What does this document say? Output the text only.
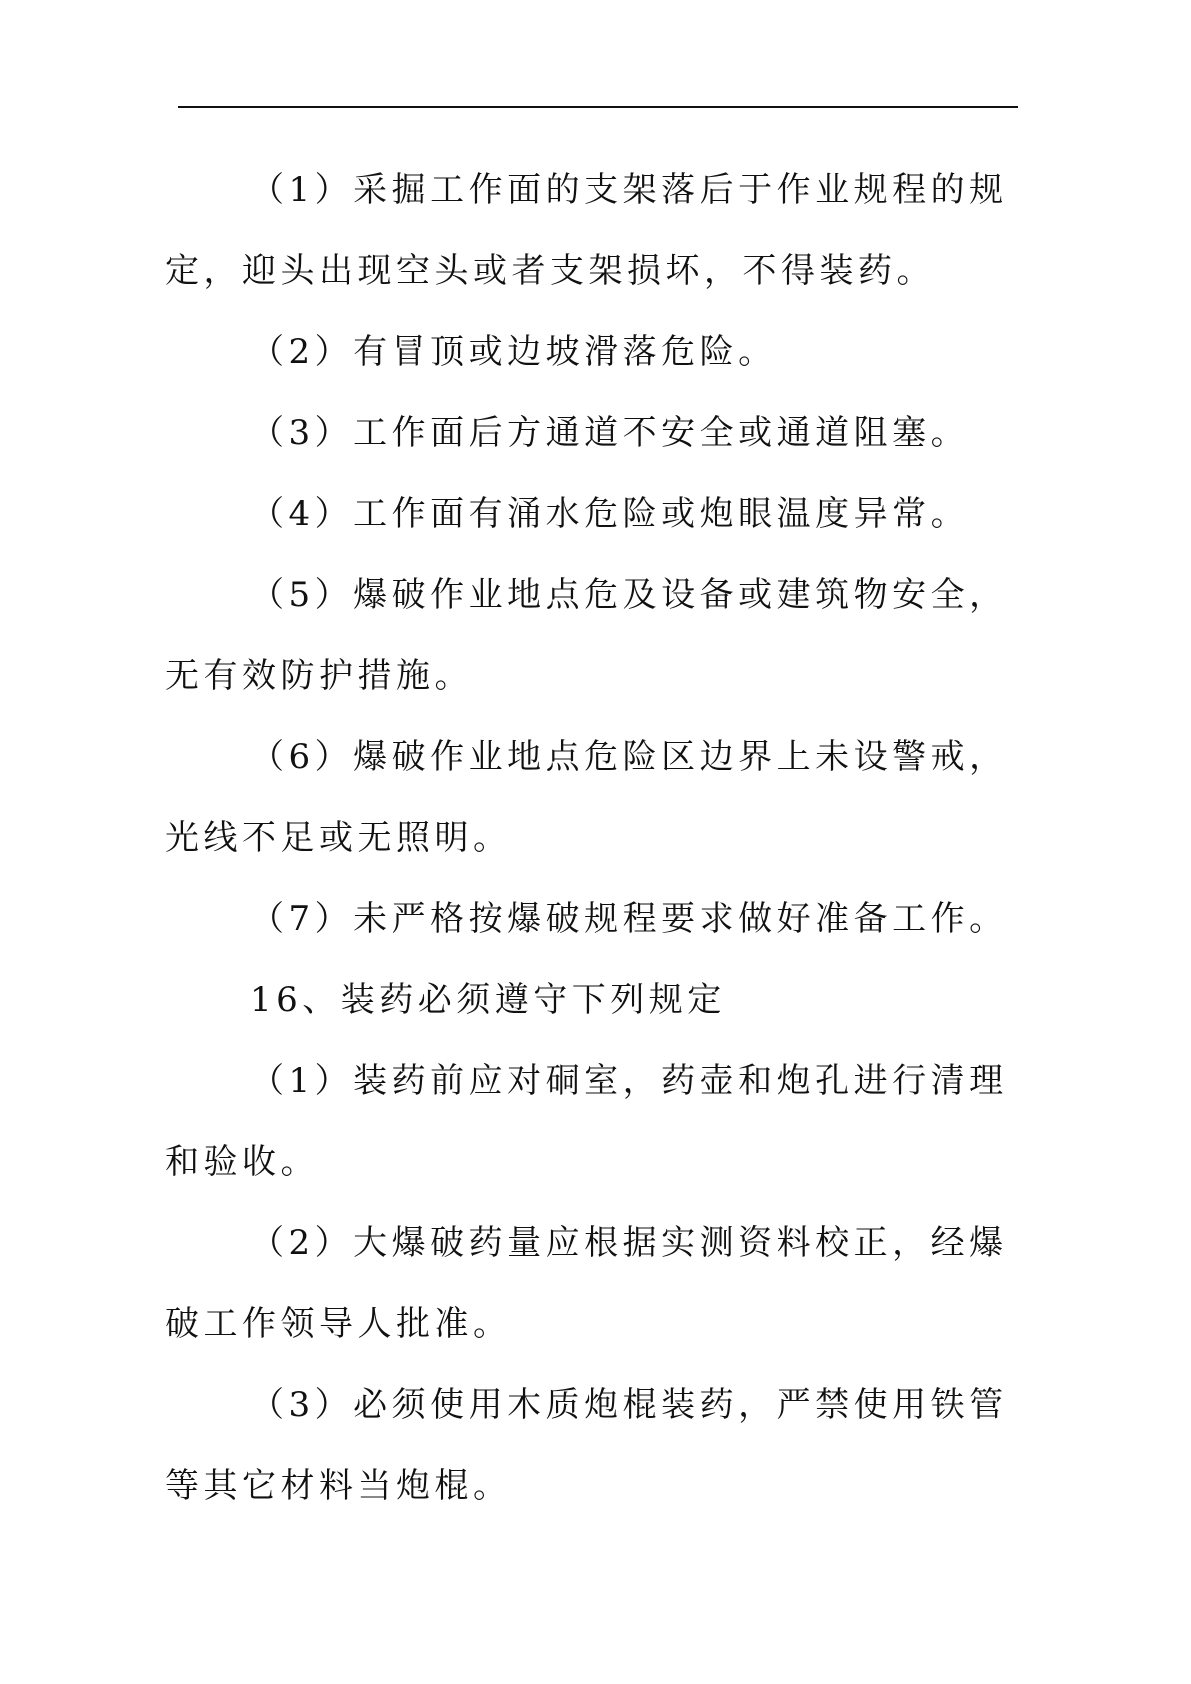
（1）采掘工作面的支架落后于作业规程的规定，迎头出现空头或者支架损坏，不得装药。

（2）有冒顶或边坡滑落危险。

（3）工作面后方通道不安全或通道阻塞。

（4）工作面有涌水危险或炮眼温度异常。

（5）爆破作业地点危及设备或建筑物安全，无有效防护措施。

（6）爆破作业地点危险区边界上未设警戒，光线不足或无照明。

（7）未严格按爆破规程要求做好准备工作。

16、装药必须遵守下列规定

（1）装药前应对硐室，药壶和炮孔进行清理和验收。

（2）大爆破药量应根据实测资料校正，经爆破工作领导人批准。

（3）必须使用木质炮棍装药，严禁使用铁管等其它材料当炮棍。
